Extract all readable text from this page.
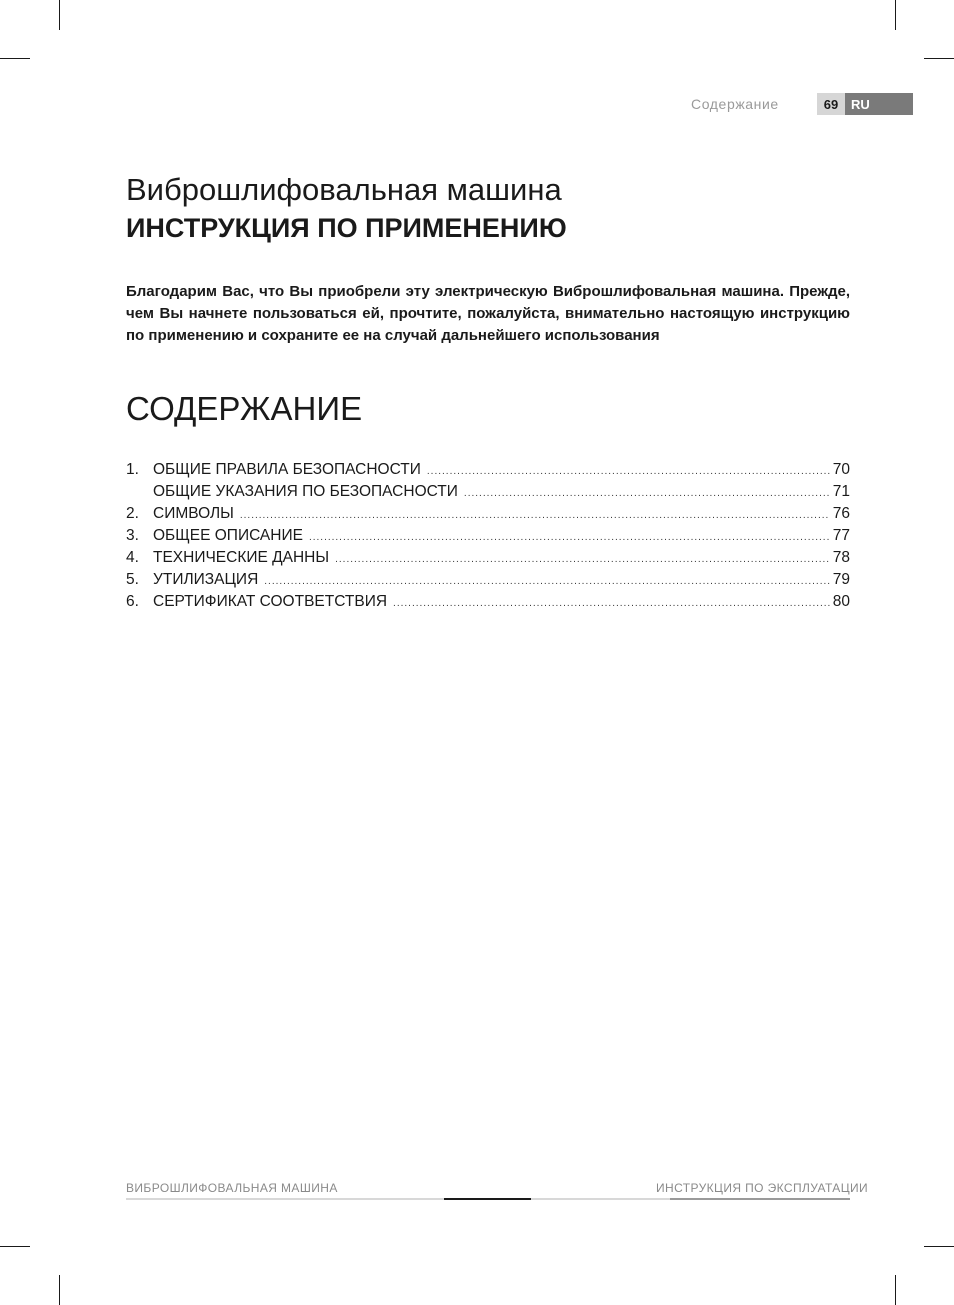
Содержание	69 RU
Виброшлифовальная машина
ИНСТРУКЦИЯ ПО ПРИМЕНЕНИЮ

Благодарим Вас, что Вы приобрели эту электрическую Виброшлифовальная машина. Прежде, чем Вы начнете пользоваться ей, прочтите, пожалуйста, внимательно настоящую инструкцию по применению и сохраните ее на случай дальнейшего использования

СОДЕРЖАНИЕ
1. ОБЩИЕ ПРАВИЛА БЕЗОПАСНОСТИ .....	70
ОБЩИЕ УКАЗАНИЯ ПО БЕЗОПАСНОСТИ .....	71
2. СИМВОЛЫ .....	76
3. ОБЩЕЕ ОПИСАНИЕ .....	77
4. ТЕХНИЧЕСКИЕ ДАННЫ .....	78
5. УТИЛИЗАЦИЯ .....	79
6. СЕРТИФИКАТ СООТВЕТСТВИЯ .....	80
ВИБРОШЛИФОВАЛЬНАЯ МАШИНА	ИНСТРУКЦИЯ ПО ЭКСПЛУАТАЦИИ
